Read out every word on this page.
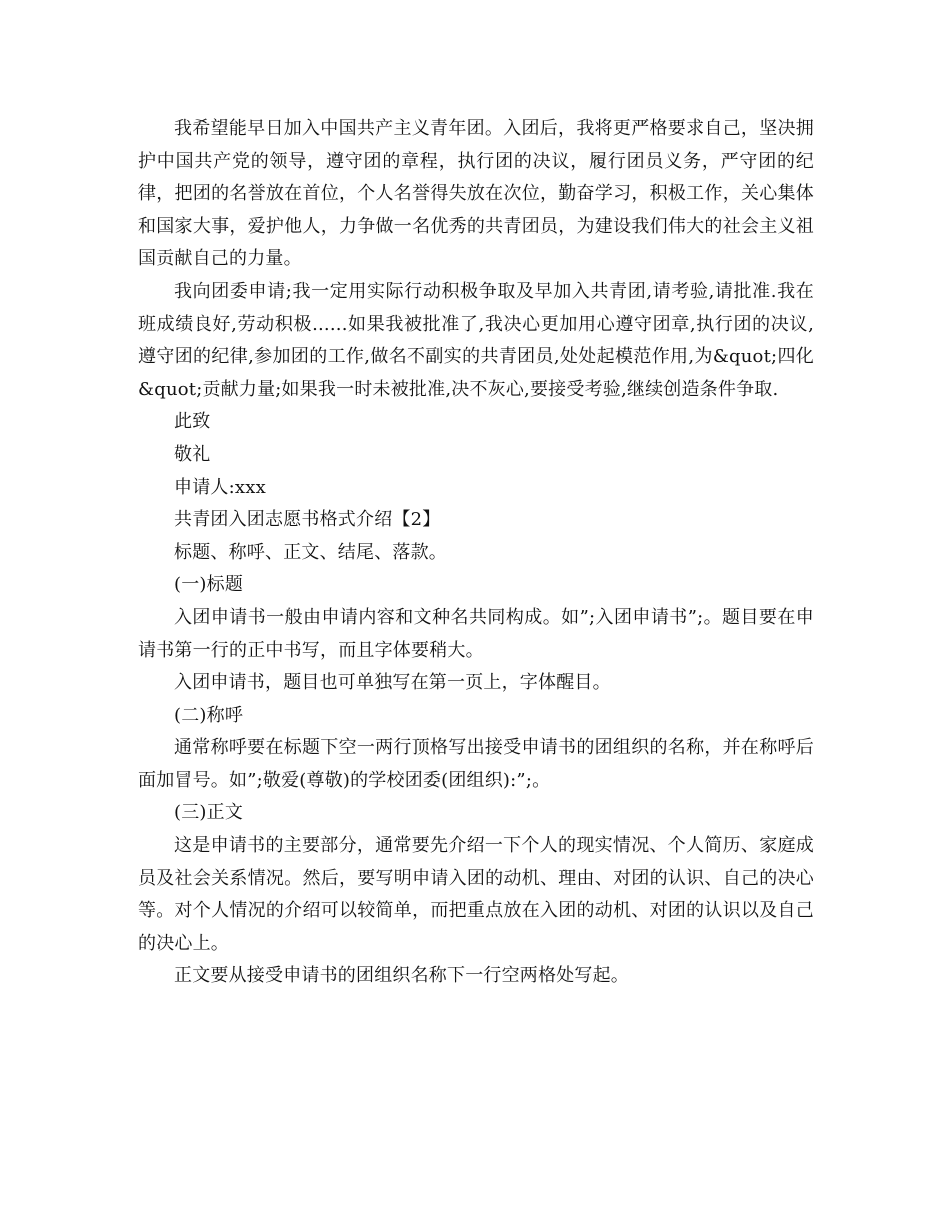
我希望能早日加入中国共产主义青年团。入团后，我将更严格要求自己，坚决拥护中国共产党的领导，遵守团的章程，执行团的决议，履行团员义务，严守团的纪律，把团的名誉放在首位，个人名誉得失放在次位，勤奋学习，积极工作，关心集体和国家大事，爱护他人，力争做一名优秀的共青团员，为建设我们伟大的社会主义祖国贡献自己的力量。

我向团委申请;我一定用实际行动积极争取及早加入共青团,请考验,请批准.我在班成绩良好,劳动积极......如果我被批准了,我决心更加用心遵守团章,执行团的决议,遵守团的纪律,参加团的工作,做名不副实的共青团员,处处起模范作用,为&quot;四化&quot;贡献力量;如果我一时未被批准,决不灰心,要接受考验,继续创造条件争取.

此致

敬礼

申请人:xxx

共青团入团志愿书格式介绍【2】

标题、称呼、正文、结尾、落款。

(一)标题

入团申请书一般由申请内容和文种名共同构成。如”;入团申请书”;。题目要在申请书第一行的正中书写，而且字体要稍大。

入团申请书，题目也可单独写在第一页上，字体醒目。

(二)称呼

通常称呼要在标题下空一两行顶格写出接受申请书的团组织的名称，并在称呼后面加冒号。如”;敬爱(尊敬)的学校团委(团组织):”;。

(三)正文

这是申请书的主要部分，通常要先介绍一下个人的现实情况、个人简历、家庭成员及社会关系情况。然后，要写明申请入团的动机、理由、对团的认识、自己的决心等。对个人情况的介绍可以较简单，而把重点放在入团的动机、对团的认识以及自己的决心上。

正文要从接受申请书的团组织名称下一行空两格处写起。
